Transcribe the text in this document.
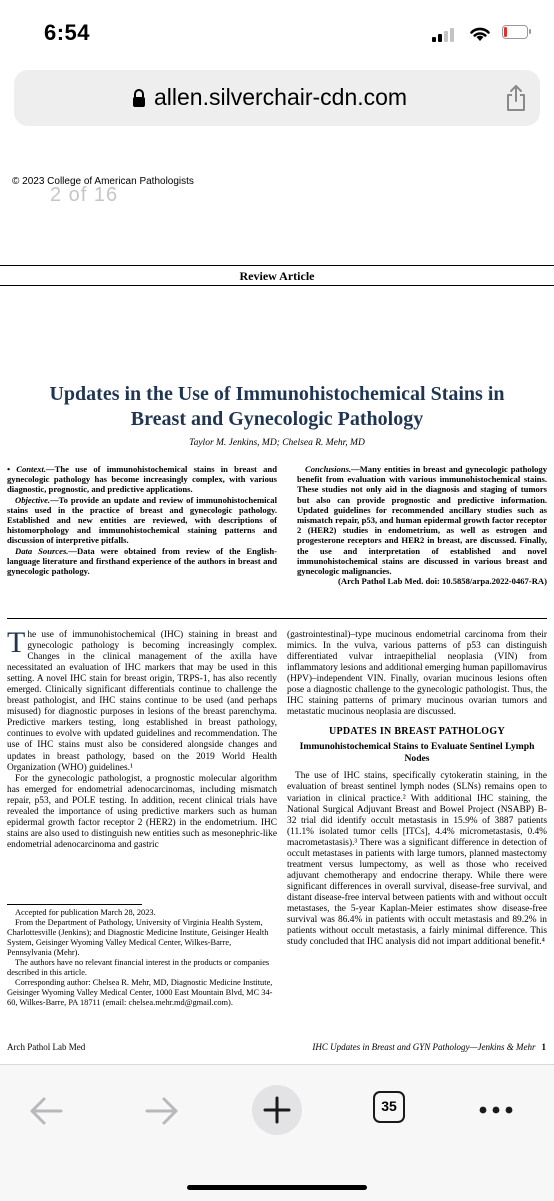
6:54
allen.silverchair-cdn.com
© 2023 College of American Pathologists
2 of 16
Review Article
Updates in the Use of Immunohistochemical Stains in Breast and Gynecologic Pathology
Taylor M. Jenkins, MD; Chelsea R. Mehr, MD

• Context.—The use of immunohistochemical stains in breast and gynecologic pathology has become increasingly complex, with various diagnostic, prognostic, and predictive applications.

Objective.—To provide an update and review of immunohistochemical stains used in the practice of breast and gynecologic pathology. Established and new entities are reviewed, with descriptions of histomorphology and immunohistochemical staining patterns and discussion of interpretive pitfalls.

Data Sources.—Data were obtained from review of the English-language literature and firsthand experience of the authors in breast and gynecologic pathology.

Conclusions.—Many entities in breast and gynecologic pathology benefit from evaluation with various immunohistochemical stains. These studies not only aid in the diagnosis and staging of tumors but also can provide prognostic and predictive information. Updated guidelines for recommended ancillary studies such as mismatch repair, p53, and human epidermal growth factor receptor 2 (HER2) studies in endometrium, as well as estrogen and progesterone receptors and HER2 in breast, are discussed. Finally, the use and interpretation of established and novel immunohistochemical stains are discussed in various breast and gynecologic malignancies.

(Arch Pathol Lab Med. doi: 10.5858/arpa.2022-0467-RA)

The use of immunohistochemical (IHC) staining in breast and gynecologic pathology is becoming increasingly complex. Changes in the clinical management of the axilla have necessitated an evaluation of IHC markers that may be used in this setting. A novel IHC stain for breast origin, TRPS-1, has also recently emerged. Clinically significant differentials continue to challenge the breast pathologist, and IHC stains continue to be used (and perhaps misused) for diagnostic purposes in lesions of the breast parenchyma. Predictive markers testing, long established in breast pathology, continues to evolve with updated guidelines and recommendation. The use of IHC stains must also be considered alongside changes and updates in breast pathology, based on the 2019 World Health Organization (WHO) guidelines.¹

For the gynecologic pathologist, a prognostic molecular algorithm has emerged for endometrial adenocarcinomas, including mismatch repair, p53, and POLE testing. In addition, recent clinical trials have revealed the importance of using predictive markers such as human epidermal growth factor receptor 2 (HER2) in the endometrium. IHC stains are also used to distinguish new entities such as mesonephric-like endometrial adenocarcinoma and gastric

(gastrointestinal)–type mucinous endometrial carcinoma from their mimics. In the vulva, various patterns of p53 can distinguish differentiated vulvar intraepithelial neoplasia (VIN) from inflammatory lesions and additional emerging human papillomavirus (HPV)–independent VIN. Finally, ovarian mucinous lesions often pose a diagnostic challenge to the gynecologic pathologist. Thus, the IHC staining patterns of primary mucinous ovarian tumors and metastatic mucinous neoplasia are discussed.

UPDATES IN BREAST PATHOLOGY
Immunohistochemical Stains to Evaluate Sentinel Lymph Nodes

The use of IHC stains, specifically cytokeratin staining, in the evaluation of breast sentinel lymph nodes (SLNs) remains open to variation in clinical practice.² With additional IHC staining, the National Surgical Adjuvant Breast and Bowel Project (NSABP) B-32 trial did identify occult metastasis in 15.9% of 3887 patients (11.1% isolated tumor cells [ITCs], 4.4% micrometastasis, 0.4% macrometastasis).³ There was a significant difference in detection of occult metastases in patients with large tumors, planned mastectomy treatment versus lumpectomy, as well as those who received adjuvant chemotherapy and endocrine therapy. While there were significant differences in overall survival, disease-free survival, and distant disease-free interval between patients with and without occult metastases, the 5-year Kaplan-Meier estimates show disease-free survival was 86.4% in patients with occult metastasis and 89.2% in patients without occult metastasis, a fairly minimal difference. This study concluded that IHC analysis did not impart additional benefit.⁴

Accepted for publication March 28, 2023.

From the Department of Pathology, University of Virginia Health System, Charlottesville (Jenkins); and Diagnostic Medicine Institute, Geisinger Health System, Geisinger Wyoming Valley Medical Center, Wilkes-Barre, Pennsylvania (Mehr).

The authors have no relevant financial interest in the products or companies described in this article.

Corresponding author: Chelsea R. Mehr, MD, Diagnostic Medicine Institute, Geisinger Wyoming Valley Medical Center, 1000 East Mountain Blvd, MC 34-60, Wilkes-Barre, PA 18711 (email: chelsea.mehr.md@gmail.com).

Arch Pathol Lab Med	IHC Updates in Breast and GYN Pathology—Jenkins & Mehr 1
35
